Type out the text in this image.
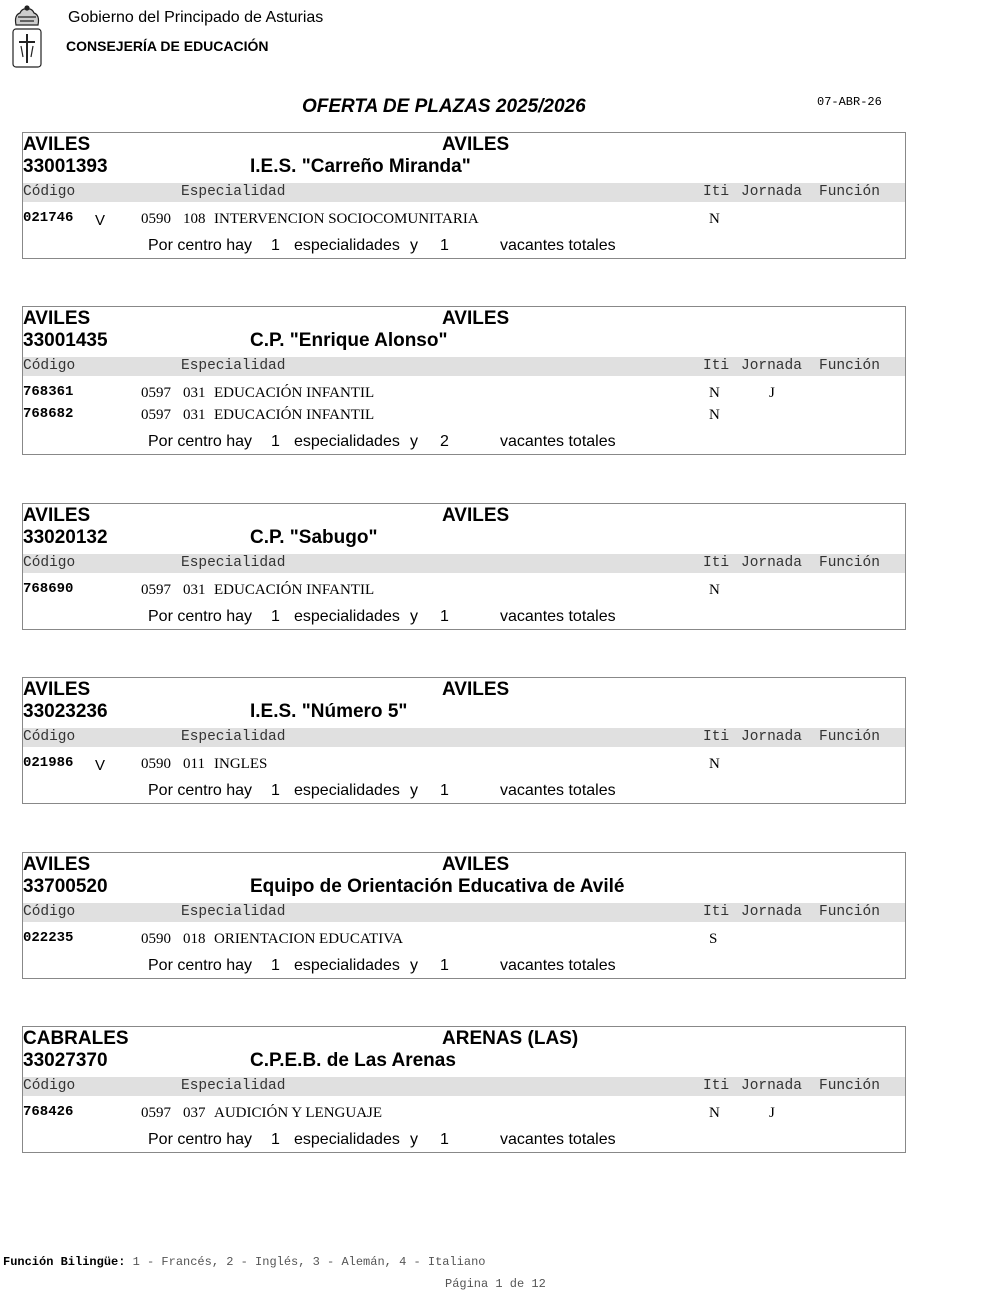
Gobierno del Principado de Asturias
CONSEJERÍA DE EDUCACIÓN
OFERTA DE PLAZAS 2025/2026	07-ABR-26
AVILES	AVILES
33001393	I.E.S. "Carreño Miranda"
Código	Especialidad	Iti Jornada Función
021746 V 0590 108 INTERVENCION SOCIOCOMUNITARIA	N
Por centro hay 1 especialidades y 1	vacantes totales
AVILES	AVILES
33001435	C.P. "Enrique Alonso"
Código	Especialidad	Iti Jornada Función
768361	0597 031 EDUCACIÓN INFANTIL	N	J
768682	0597 031 EDUCACIÓN INFANTIL	N
Por centro hay 1 especialidades y 2	vacantes totales
AVILES	AVILES
33020132	C.P. "Sabugo"
Código	Especialidad	Iti Jornada Función
768690	0597 031 EDUCACIÓN INFANTIL	N
Por centro hay 1 especialidades y 1	vacantes totales
AVILES	AVILES
33023236	I.E.S. "Número 5"
Código	Especialidad	Iti Jornada Función
021986 V 0590 011 INGLES	N
Por centro hay 1 especialidades y 1	vacantes totales
AVILES	AVILES
33700520	Equipo de Orientación Educativa de Avilé
Código	Especialidad	Iti Jornada Función
022235	0590 018 ORIENTACION EDUCATIVA	S
Por centro hay 1 especialidades y 1	vacantes totales
CABRALES	ARENAS (LAS)
33027370	C.P.E.B. de Las Arenas
Código	Especialidad	Iti Jornada Función
768426	0597 037 AUDICIÓN Y LENGUAJE	N	J
Por centro hay 1 especialidades y 1	vacantes totales
Función Bilingüe: 1 - Francés, 2 - Inglés, 3 - Alemán, 4 - Italiano
Página 1 de 12
